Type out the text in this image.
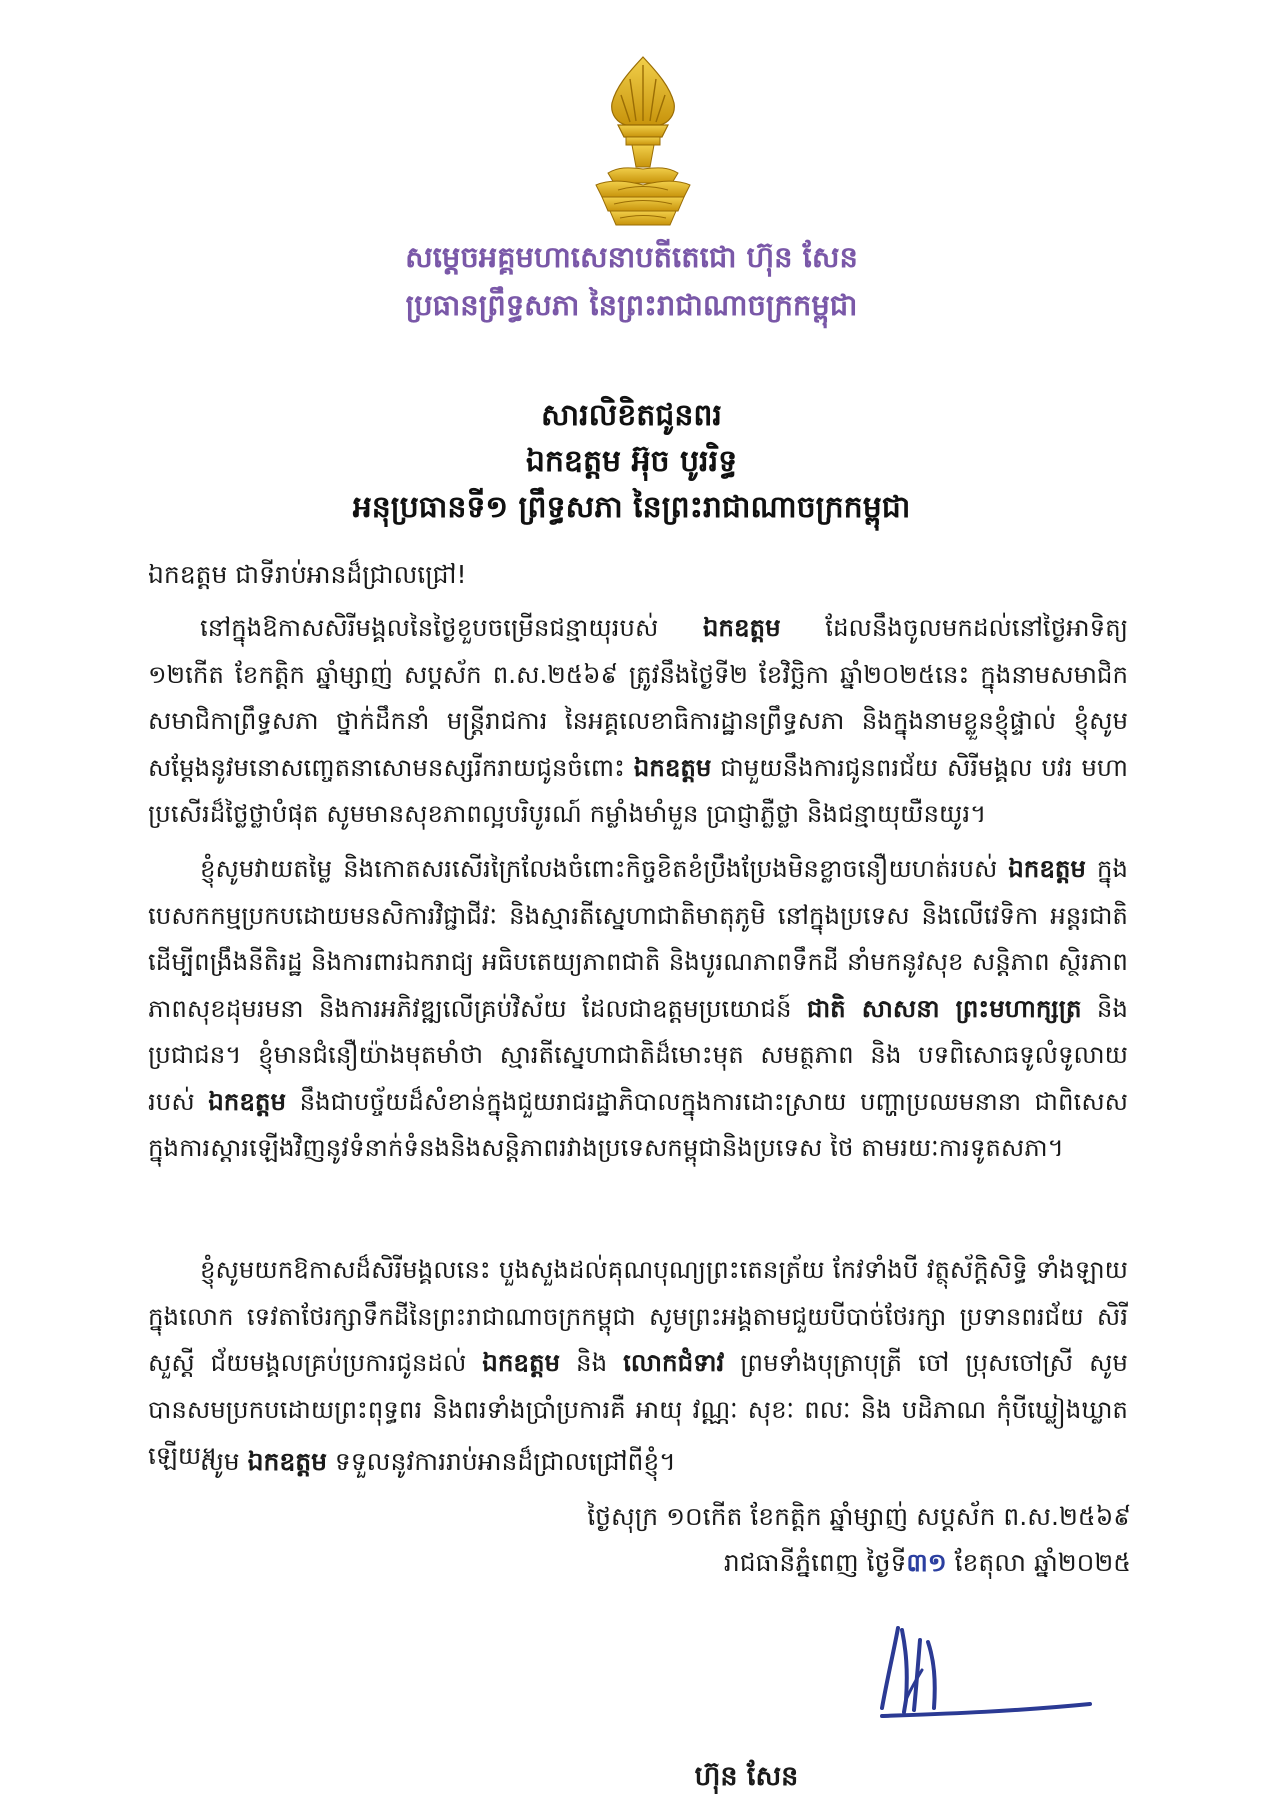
សម្តេចអគ្គមហាសេនាបតីតេជោ ហ៊ុន សែន
ប្រធានព្រឹទ្ធសភា នៃព្រះរាជាណាចក្រកម្ពុជា
សារលិខិតជូនពរ
ឯកឧត្តម អ៊ុច បូររិទ្ធ
អនុប្រធានទី១ ព្រឹទ្ធសភា នៃព្រះរាជាណាចក្រកម្ពុជា
ឯកឧត្តម ជាទីរាប់អានដ៏ជ្រាលជ្រៅ!

នៅក្នុងឱកាសសិរីមង្គលនៃថ្ងៃខួបចម្រើនជន្មាយុរបស់ ឯកឧត្តម ដែលនឹងចូលមកដល់នៅថ្ងៃអាទិត្យ ១២កើត ខែកត្តិក ឆ្នាំម្សាញ់ សប្តស័ក ព.ស.២៥៦៩ ត្រូវនឹងថ្ងៃទី២ ខែវិច្ឆិកា ឆ្នាំ២០២៥នេះ ក្នុងនាមសមាជិក សមាជិកាព្រឹទ្ធសភា ថ្នាក់ដឹកនាំ មន្ត្រីរាជការ នៃអគ្គលេខាធិការដ្ឋានព្រឹទ្ធសភា និងក្នុងនាមខ្លួនខ្ញុំផ្ទាល់ ខ្ញុំសូម សម្តែងនូវមនោសញ្ចេតនាសោមនស្សរីករាយជូនចំពោះ ឯកឧត្តម ជាមួយនឹងការជូនពរជ័យ សិរីមង្គល បវរ មហាប្រសើរដ៏ថ្លៃថ្លាបំផុត សូមមានសុខភាពល្អបរិបូរណ៍ កម្លាំងមាំមួន ប្រាជ្ញាភ្លឺថ្លា និងជន្មាយុយឺនយូរ។

ខ្ញុំសូមវាយតម្លៃ និងកោតសរសើរក្រៃលែងចំពោះកិច្ចខិតខំប្រឹងប្រែងមិនខ្លាចនឿយហត់របស់ ឯកឧត្តម ក្នុងបេសកកម្មប្រកបដោយមនសិការវិជ្ជាជីវៈ និងស្មារតីស្នេហាជាតិមាតុភូមិ នៅក្នុងប្រទេស និងលើវេទិកា អន្តរជាតិ ដើម្បីពង្រឹងនីតិរដ្ឋ និងការពារឯករាជ្យ អធិបតេយ្យភាពជាតិ និងបូរណភាពទឹកដី នាំមកនូវសុខ សន្តិភាព ស្ថិរភាព ភាពសុខដុមរមនា និងការអភិវឌ្ឍលើគ្រប់វិស័យ ដែលជាឧត្តមប្រយោជន៍ ជាតិ សាសនា ព្រះមហាក្សត្រ និងប្រជាជន។ ខ្ញុំមានជំនឿយ៉ាងមុតមាំថា ស្មារតីស្នេហាជាតិដ៏មោះមុត សមត្ថភាព និង បទពិសោធទូលំទូលាយរបស់ ឯកឧត្តម នឹងជាបច្ច័យដ៏សំខាន់ក្នុងជួយរាជរដ្ឋាភិបាលក្នុងការដោះស្រាយ បញ្ហាប្រឈមនានា ជាពិសេសក្នុងការស្តារឡើងវិញនូវទំនាក់ទំនងនិងសន្តិភាពរវាងប្រទេសកម្ពុជានិងប្រទេស ថៃ តាមរយៈការទូតសភា។

ខ្ញុំសូមយកឱកាសដ៏សិរីមង្គលនេះ បួងសួងដល់គុណបុណ្យព្រះតេនត្រ័យ កែវទាំងបី វត្ថុស័ក្តិសិទ្ធិ ទាំងឡាយក្នុងលោក ទេវតាថែរក្សាទឹកដីនៃព្រះរាជាណាចក្រកម្ពុជា សូមព្រះអង្គតាមជួយបីបាច់ថែរក្សា ប្រទានពរជ័យ សិរីសួស្តី ជ័យមង្គលគ្រប់ប្រការជូនដល់ ឯកឧត្តម និង លោកជំទាវ ព្រមទាំងបុត្រាបុត្រី ចៅ ប្រុសចៅស្រី សូមបានសមប្រកបដោយព្រះពុទ្ធពរ និងពរទាំងប្រាំប្រការគឺ អាយុ វណ្ណៈ សុខៈ ពលៈ និង បដិភាណ កុំបីឃ្លៀងឃ្លាតឡើយ។

សូម ឯកឧត្តម ទទួលនូវការរាប់អានដ៏ជ្រាលជ្រៅពីខ្ញុំ។
ថ្ងៃសុក្រ ១០កើត ខែកត្តិក ឆ្នាំម្សាញ់ សប្តស័ក ព.ស.២៥៦៩
រាជធានីភ្នំពេញ ថ្ងៃទី៣១ ខែតុលា ឆ្នាំ២០២៥
ហ៊ុន សែន
